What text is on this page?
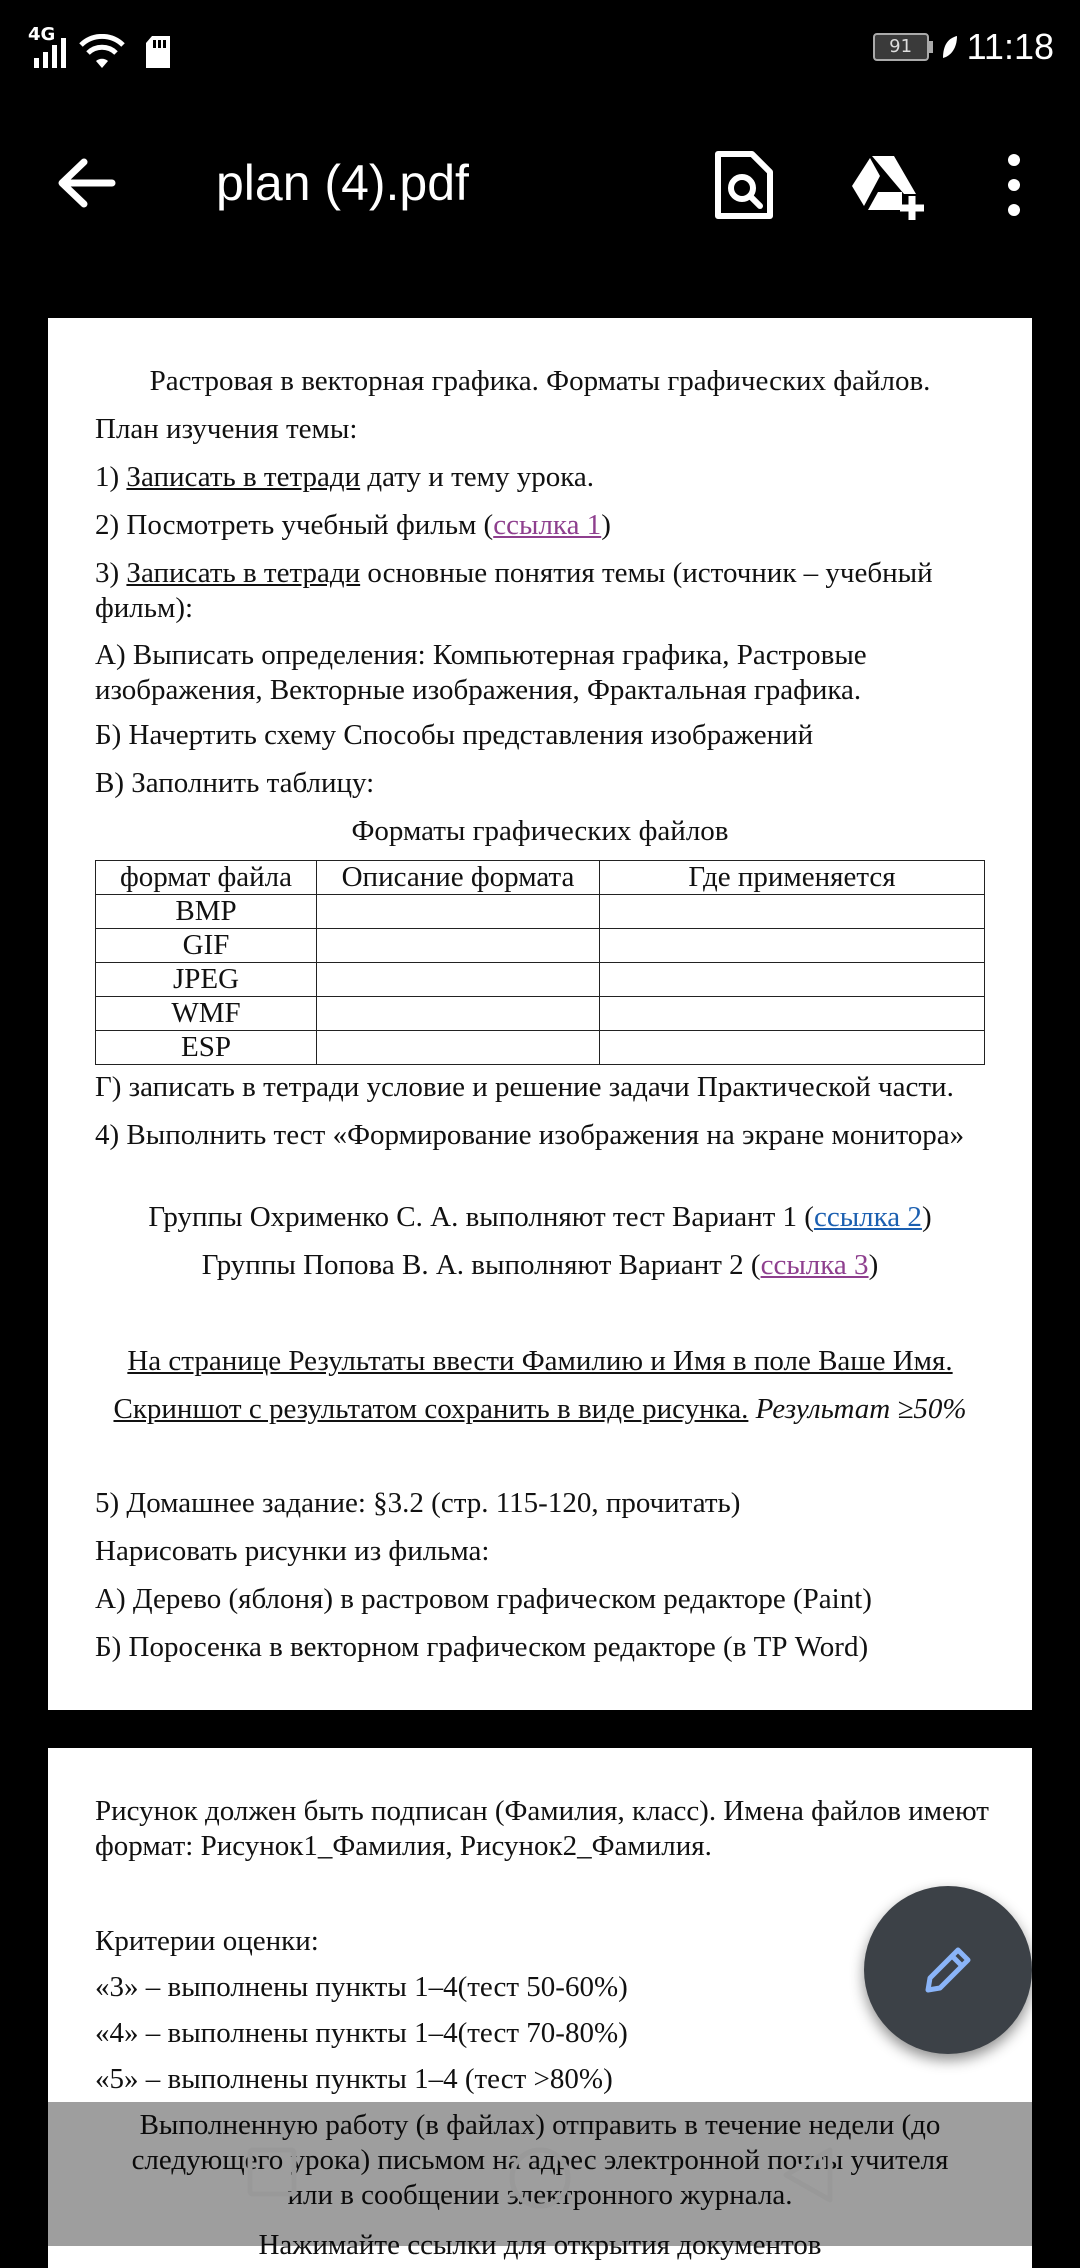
4G
91	11:18
plan (4).pdf

Растровая в векторная графика. Форматы графических файлов.

План изучения темы:

1) Записать в тетради дату и тему урока.

2) Посмотреть учебный фильм (ссылка 1)

3) Записать в тетради основные понятия темы (источник – учебный фильм):

А) Выписать определения: Компьютерная графика, Растровые изображения, Векторные изображения, Фрактальная графика.

Б) Начертить схему Способы представления изображений

В) Заполнить таблицу:

Форматы графических файлов

формат файла	Описание формата	Где применяется
BMP		
GIF		
JPEG		
WMF		
ESP		

Г) записать в тетради условие и решение задачи Практической части.

4) Выполнить тест «Формирование изображения на экране монитора»

Группы Охрименко С. А. выполняют тест Вариант 1 (ссылка 2)

Группы Попова В. А. выполняют Вариант 2 (ссылка 3)

На странице Результаты ввести Фамилию и Имя в поле Ваше Имя.

Скриншот с результатом сохранить в виде рисунка. Результат ≥50%

5) Домашнее задание: §3.2 (стр. 115-120, прочитать)

Нарисовать рисунки из фильма:

А) Дерево (яблоня) в растровом графическом редакторе (Paint)

Б) Поросенка в векторном графическом редакторе (в ТР Word)

Рисунок должен быть подписан (Фамилия, класс). Имена файлов имеют формат: Рисунок1_Фамилия, Рисунок2_Фамилия.

Критерии оценки:

«3» – выполнены пункты 1–4(тест 50-60%)

«4» – выполнены пункты 1–4(тест 70-80%)

«5» – выполнены пункты 1–4 (тест >80%)

Выполненную работу (в файлах) отправить в течение недели (до следующего урока) письмом на адрес электронной почты учителя или в сообщении электронного журнала.

Нажимайте ссылки для открытия документов
